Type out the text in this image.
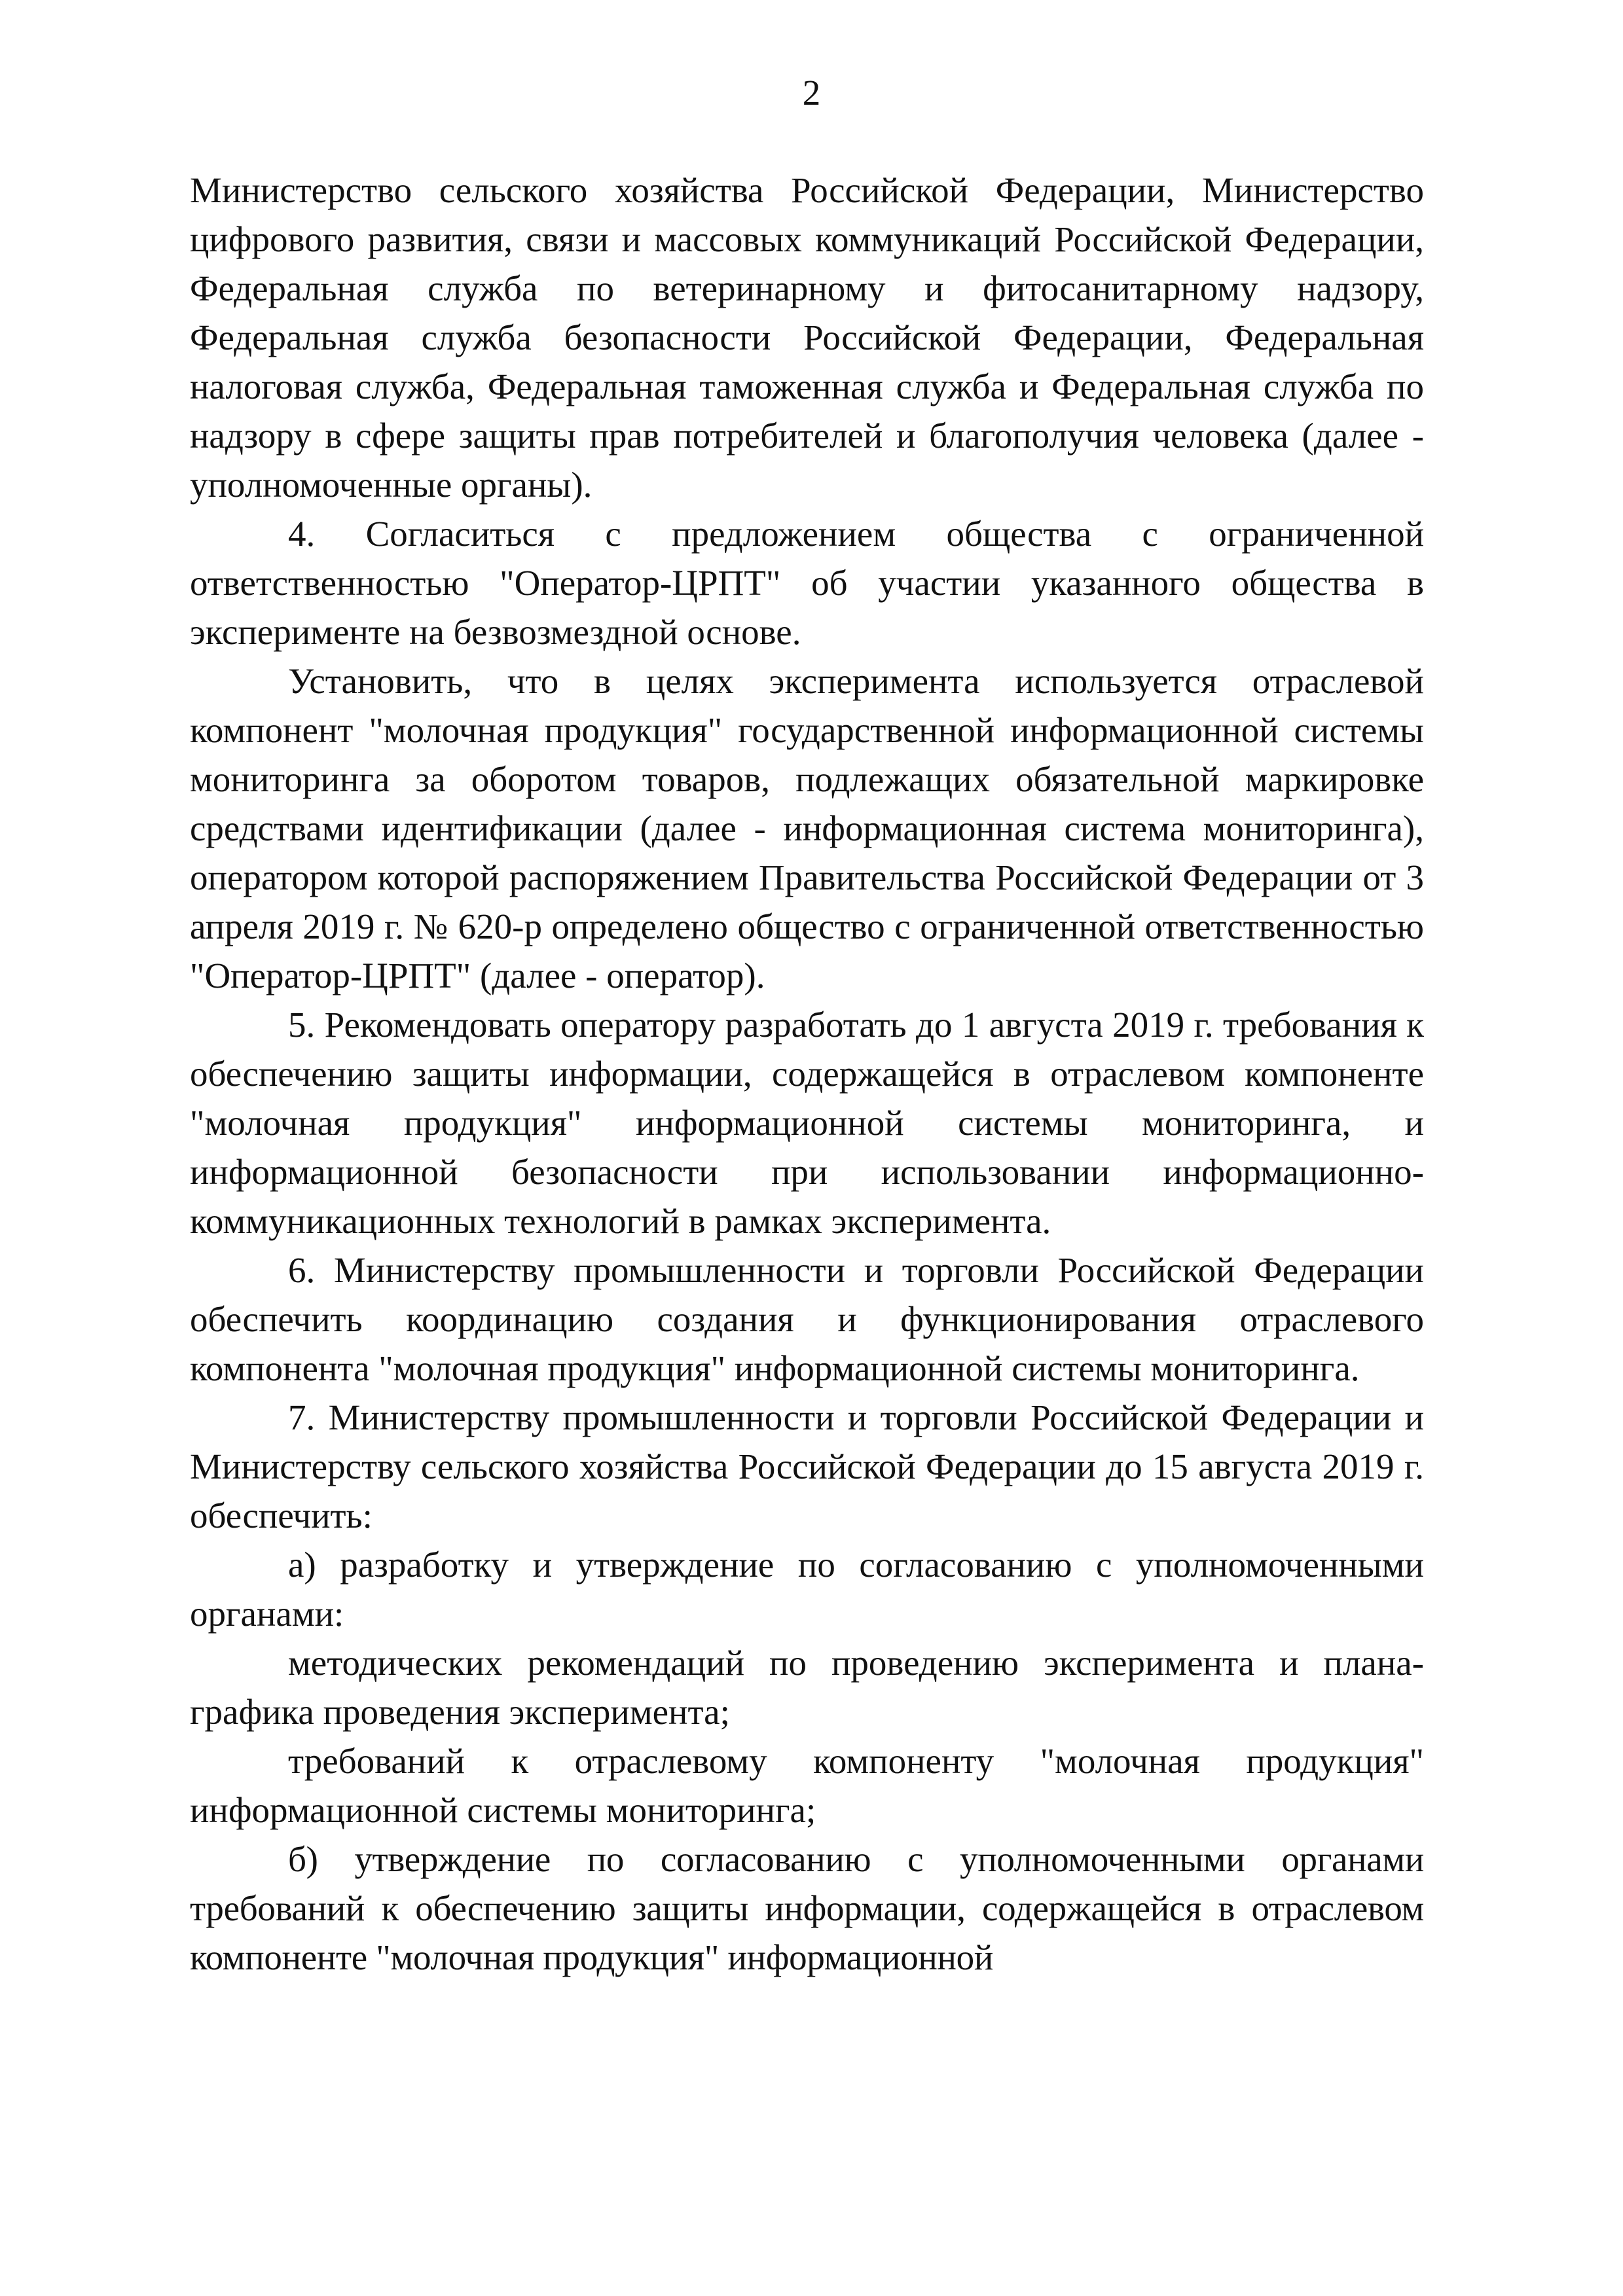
2

Министерство сельского хозяйства Российской Федерации, Министерство цифрового развития, связи и массовых коммуникаций Российской Федерации, Федеральная служба по ветеринарному и фитосанитарному надзору, Федеральная служба безопасности Российской Федерации, Федеральная налоговая служба, Федеральная таможенная служба и Федеральная служба по надзору в сфере защиты прав потребителей и благополучия человека (далее - уполномоченные органы).

4. Согласиться с предложением общества с ограниченной ответственностью "Оператор-ЦРПТ" об участии указанного общества в эксперименте на безвозмездной основе.

Установить, что в целях эксперимента используется отраслевой компонент "молочная продукция" государственной информационной системы мониторинга за оборотом товаров, подлежащих обязательной маркировке средствами идентификации (далее - информационная система мониторинга), оператором которой распоряжением Правительства Российской Федерации от 3 апреля 2019 г. № 620-р определено общество с ограниченной ответственностью "Оператор-ЦРПТ" (далее - оператор).

5. Рекомендовать оператору разработать до 1 августа 2019 г. требования к обеспечению защиты информации, содержащейся в отраслевом компоненте "молочная продукция" информационной системы мониторинга, и информационной безопасности при использовании информационно-коммуникационных технологий в рамках эксперимента.

6. Министерству промышленности и торговли Российской Федерации обеспечить координацию создания и функционирования отраслевого компонента "молочная продукция" информационной системы мониторинга.

7. Министерству промышленности и торговли Российской Федерации и Министерству сельского хозяйства Российской Федерации до 15 августа 2019 г. обеспечить:

а) разработку и утверждение по согласованию с уполномоченными органами:

методических рекомендаций по проведению эксперимента и плана-графика проведения эксперимента;

требований к отраслевому компоненту "молочная продукция" информационной системы мониторинга;

б) утверждение по согласованию с уполномоченными органами требований к обеспечению защиты информации, содержащейся в отраслевом компоненте "молочная продукция" информационной
